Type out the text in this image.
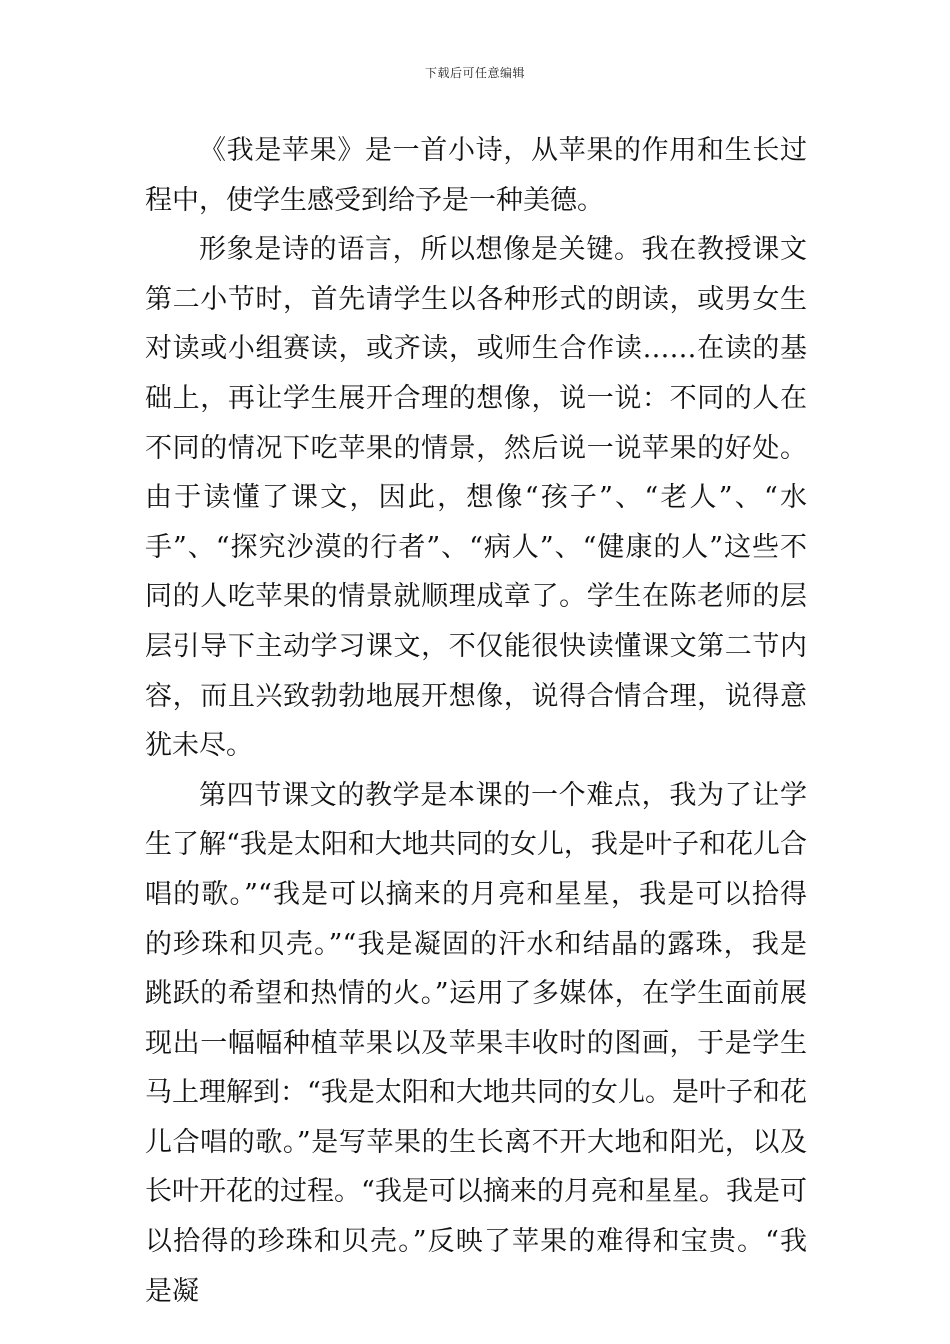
下载后可任意编辑

《我是苹果》是一首小诗，从苹果的作用和生长过程中，使学生感受到给予是一种美德。

形象是诗的语言，所以想像是关键。我在教授课文第二小节时，首先请学生以各种形式的朗读，或男女生对读或小组赛读，或齐读，或师生合作读……在读的基础上，再让学生展开合理的想像，说一说：不同的人在不同的情况下吃苹果的情景，然后说一说苹果的好处。由于读懂了课文，因此，想像“孩子”、“老人”、“水手”、“探究沙漠的行者”、“病人”、“健康的人”这些不同的人吃苹果的情景就顺理成章了。学生在陈老师的层层引导下主动学习课文，不仅能很快读懂课文第二节内容，而且兴致勃勃地展开想像，说得合情合理，说得意犹未尽。

第四节课文的教学是本课的一个难点，我为了让学生了解“我是太阳和大地共同的女儿，我是叶子和花儿合唱的歌。”“我是可以摘来的月亮和星星，我是可以拾得的珍珠和贝壳。”“我是凝固的汗水和结晶的露珠，我是跳跃的希望和热情的火。”运用了多媒体，在学生面前展现出一幅幅种植苹果以及苹果丰收时的图画，于是学生马上理解到：“我是太阳和大地共同的女儿。是叶子和花儿合唱的歌。”是写苹果的生长离不开大地和阳光，以及长叶开花的过程。“我是可以摘来的月亮和星星。我是可以拾得的珍珠和贝壳。”反映了苹果的难得和宝贵。“我是凝
